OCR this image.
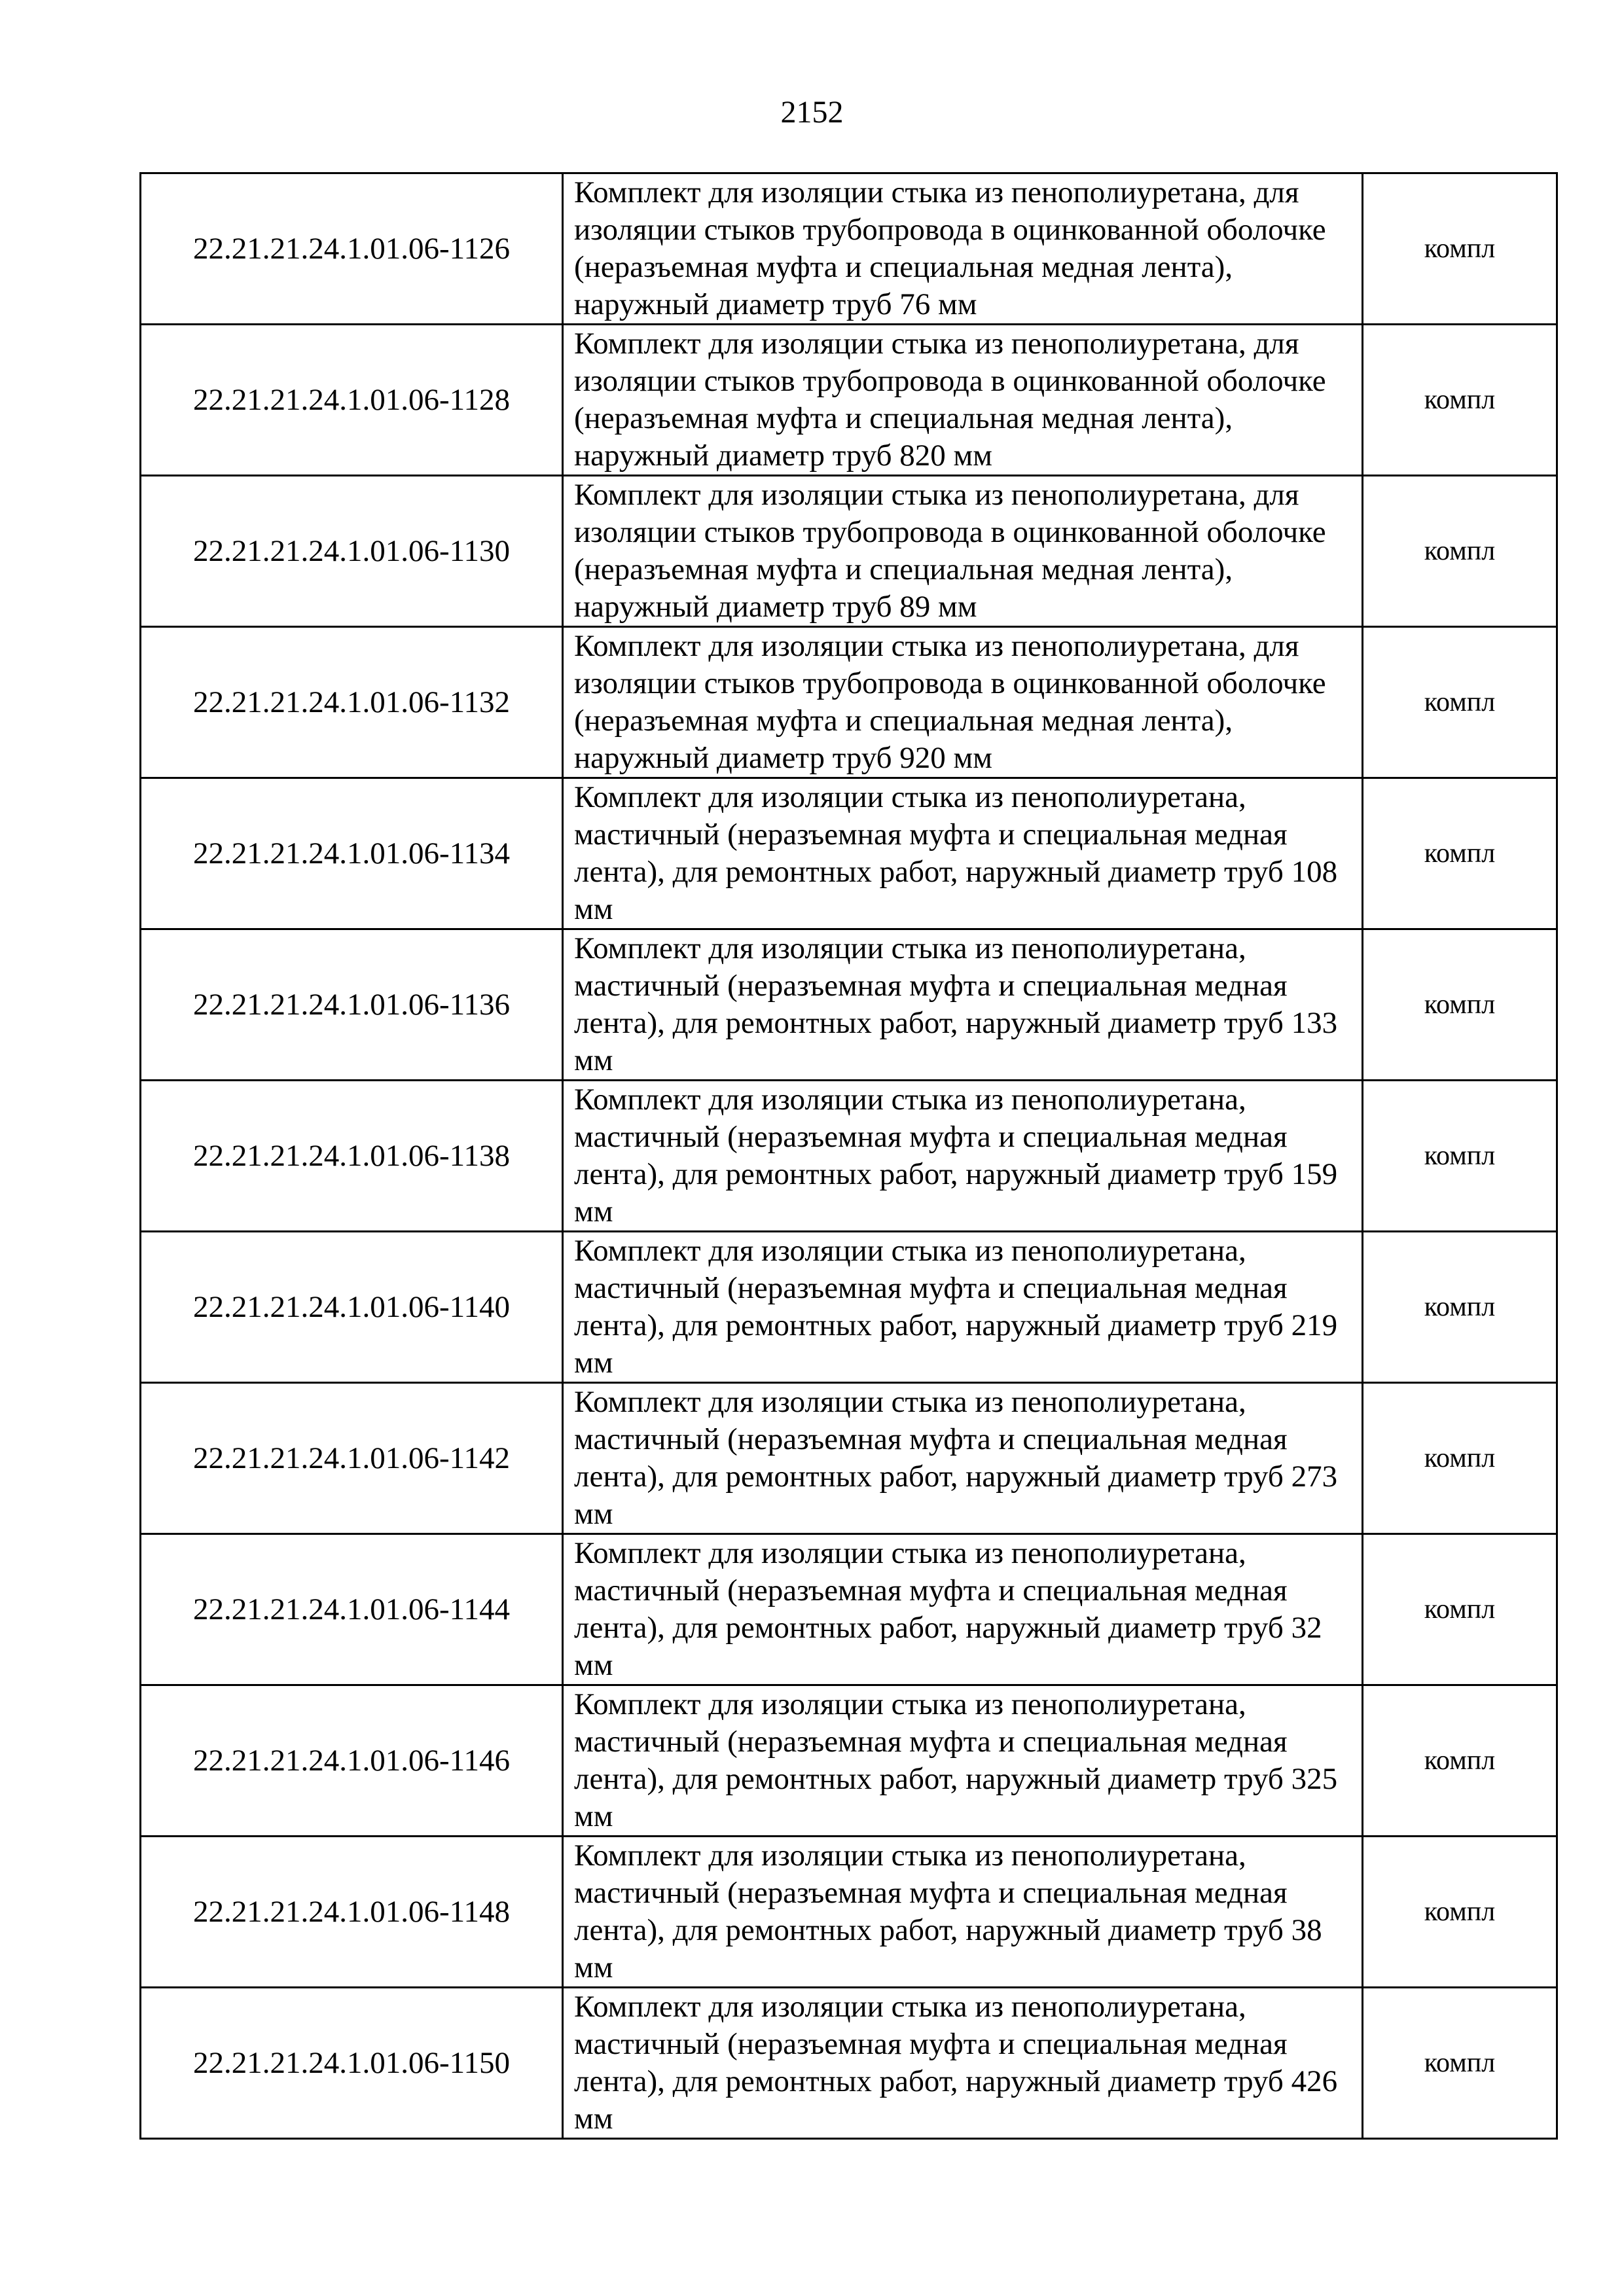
2152
22.21.21.24.1.01.06-1126	Комплект для изоляции стыка из пенополиуретана, для изоляции стыков трубопровода в оцинкованной оболочке (неразъемная муфта и специальная медная лента), наружный диаметр труб 76 мм	компл
22.21.21.24.1.01.06-1128	Комплект для изоляции стыка из пенополиуретана, для изоляции стыков трубопровода в оцинкованной оболочке (неразъемная муфта и специальная медная лента), наружный диаметр труб 820 мм	компл
22.21.21.24.1.01.06-1130	Комплект для изоляции стыка из пенополиуретана, для изоляции стыков трубопровода в оцинкованной оболочке (неразъемная муфта и специальная медная лента), наружный диаметр труб 89 мм	компл
22.21.21.24.1.01.06-1132	Комплект для изоляции стыка из пенополиуретана, для изоляции стыков трубопровода в оцинкованной оболочке (неразъемная муфта и специальная медная лента), наружный диаметр труб 920 мм	компл
22.21.21.24.1.01.06-1134	Комплект для изоляции стыка из пенополиуретана, мастичный (неразъемная муфта и специальная медная лента), для ремонтных работ, наружный диаметр труб 108 мм	компл
22.21.21.24.1.01.06-1136	Комплект для изоляции стыка из пенополиуретана, мастичный (неразъемная муфта и специальная медная лента), для ремонтных работ, наружный диаметр труб 133 мм	компл
22.21.21.24.1.01.06-1138	Комплект для изоляции стыка из пенополиуретана, мастичный (неразъемная муфта и специальная медная лента), для ремонтных работ, наружный диаметр труб 159 мм	компл
22.21.21.24.1.01.06-1140	Комплект для изоляции стыка из пенополиуретана, мастичный (неразъемная муфта и специальная медная лента), для ремонтных работ, наружный диаметр труб 219 мм	компл
22.21.21.24.1.01.06-1142	Комплект для изоляции стыка из пенополиуретана, мастичный (неразъемная муфта и специальная медная лента), для ремонтных работ, наружный диаметр труб 273 мм	компл
22.21.21.24.1.01.06-1144	Комплект для изоляции стыка из пенополиуретана, мастичный (неразъемная муфта и специальная медная лента), для ремонтных работ, наружный диаметр труб 32 мм	компл
22.21.21.24.1.01.06-1146	Комплект для изоляции стыка из пенополиуретана, мастичный (неразъемная муфта и специальная медная лента), для ремонтных работ, наружный диаметр труб 325 мм	компл
22.21.21.24.1.01.06-1148	Комплект для изоляции стыка из пенополиуретана, мастичный (неразъемная муфта и специальная медная лента), для ремонтных работ, наружный диаметр труб 38 мм	компл
22.21.21.24.1.01.06-1150	Комплект для изоляции стыка из пенополиуретана, мастичный (неразъемная муфта и специальная медная лента), для ремонтных работ, наружный диаметр труб 426 мм	компл
